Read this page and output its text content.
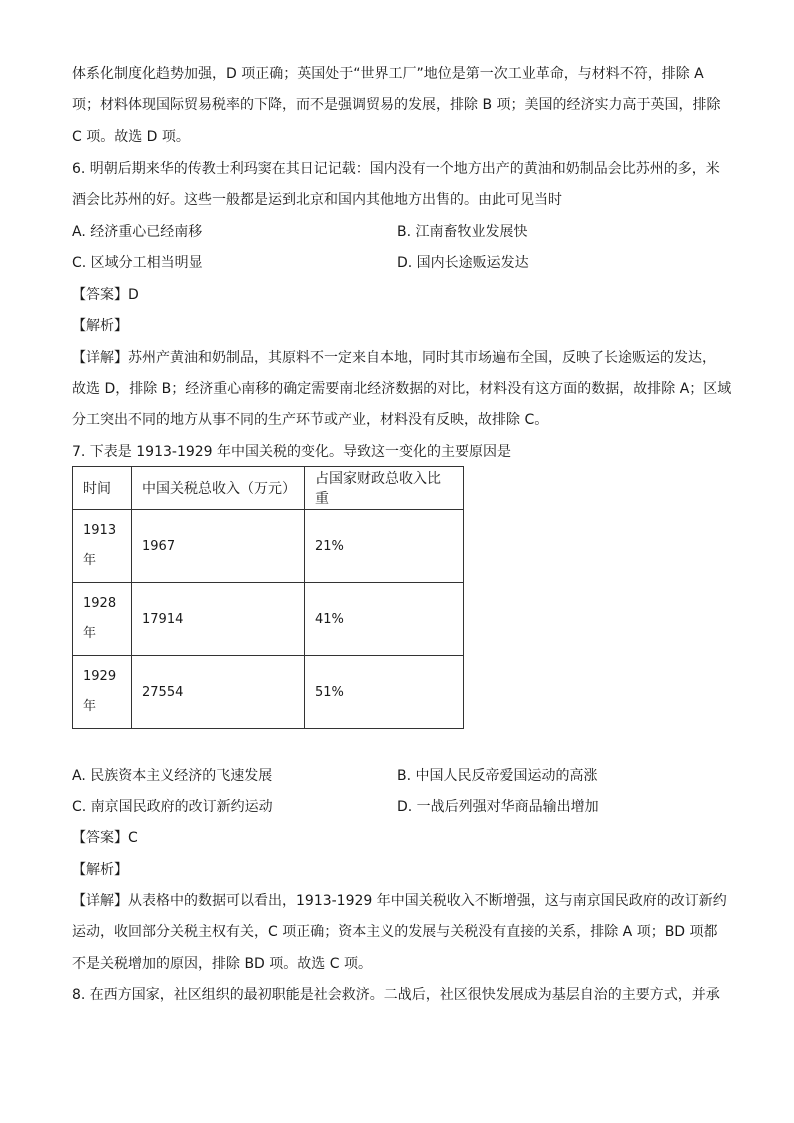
体系化制度化趋势加强，D 项正确；英国处于“世界工厂”地位是第一次工业革命，与材料不符，排除 A
项；材料体现国际贸易税率的下降，而不是强调贸易的发展，排除 B 项；美国的经济实力高于英国，排除
C 项。故选 D 项。
6. 明朝后期来华的传教士利玛窦在其日记记载：国内没有一个地方出产的黄油和奶制品会比苏州的多，米
酒会比苏州的好。这些一般都是运到北京和国内其他地方出售的。由此可见当时
A. 经济重心已经南移	B. 江南畜牧业发展快
C. 区域分工相当明显	D. 国内长途贩运发达
【答案】D
【解析】
【详解】苏州产黄油和奶制品，其原料不一定来自本地，同时其市场遍布全国，反映了长途贩运的发达，
故选 D，排除 B；经济重心南移的确定需要南北经济数据的对比，材料没有这方面的数据，故排除 A；区域
分工突出不同的地方从事不同的生产环节或产业，材料没有反映，故排除 C。
7. 下表是 1913-1929 年中国关税的变化。导致这一变化的主要原因是
时间	中国关税总收入（万元）	占国家财政总收入比重

1913
年	1967	21%

1928
年	17914	41%

1929
年	27554	51%
A. 民族资本主义经济的飞速发展	B. 中国人民反帝爱国运动的高涨
C. 南京国民政府的改订新约运动	D. 一战后列强对华商品输出增加
【答案】C
【解析】
【详解】从表格中的数据可以看出，1913-1929 年中国关税收入不断增强，这与南京国民政府的改订新约
运动，收回部分关税主权有关，C 项正确；资本主义的发展与关税没有直接的关系，排除 A 项；BD 项都
不是关税增加的原因，排除 BD 项。故选 C 项。
8. 在西方国家，社区组织的最初职能是社会救济。二战后，社区很快发展成为基层自治的主要方式，并承
